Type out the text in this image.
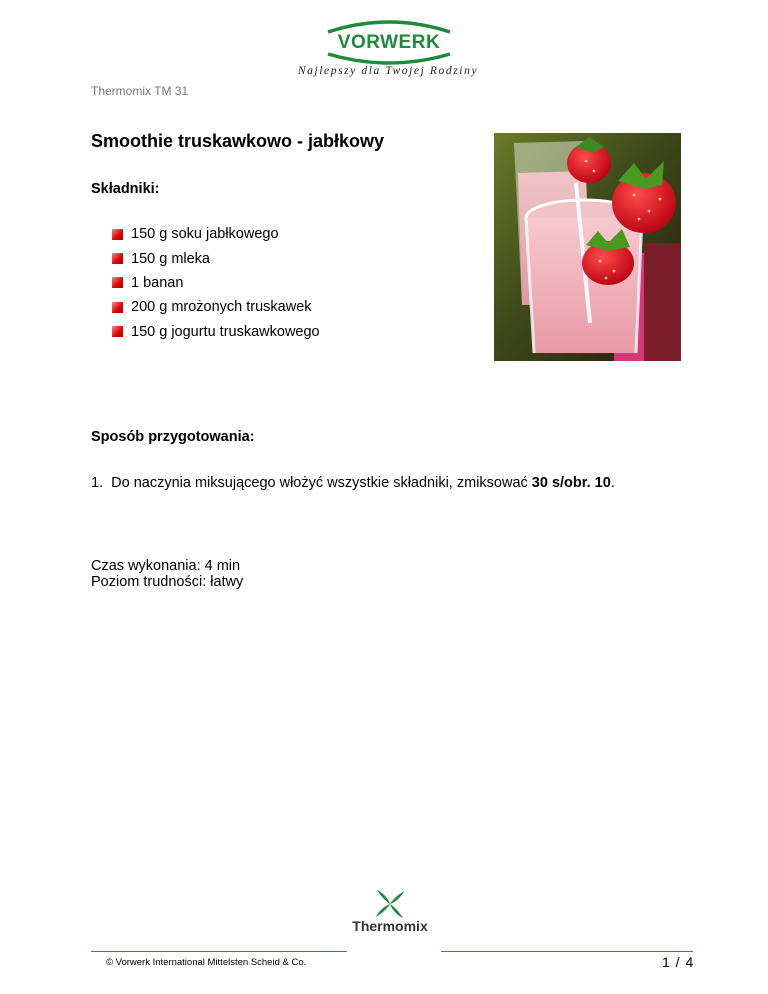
VORWERK
Najlepszy dla Twojej Rodziny
Thermomix TM 31
Smoothie truskawkowo - jabłkowy
Składniki:
150 g soku jabłkowego
150 g mleka
1 banan
200 g mrożonych truskawek
150 g jogurtu truskawkowego
Sposób przygotowania:
1. Do naczynia miksującego włożyć wszystkie składniki, zmiksować 30 s/obr. 10.
Czas wykonania: 4 min
Poziom trudności: łatwy
Thermomix
© Vorwerk International Mittelsten Scheid & Co.	1 / 4
